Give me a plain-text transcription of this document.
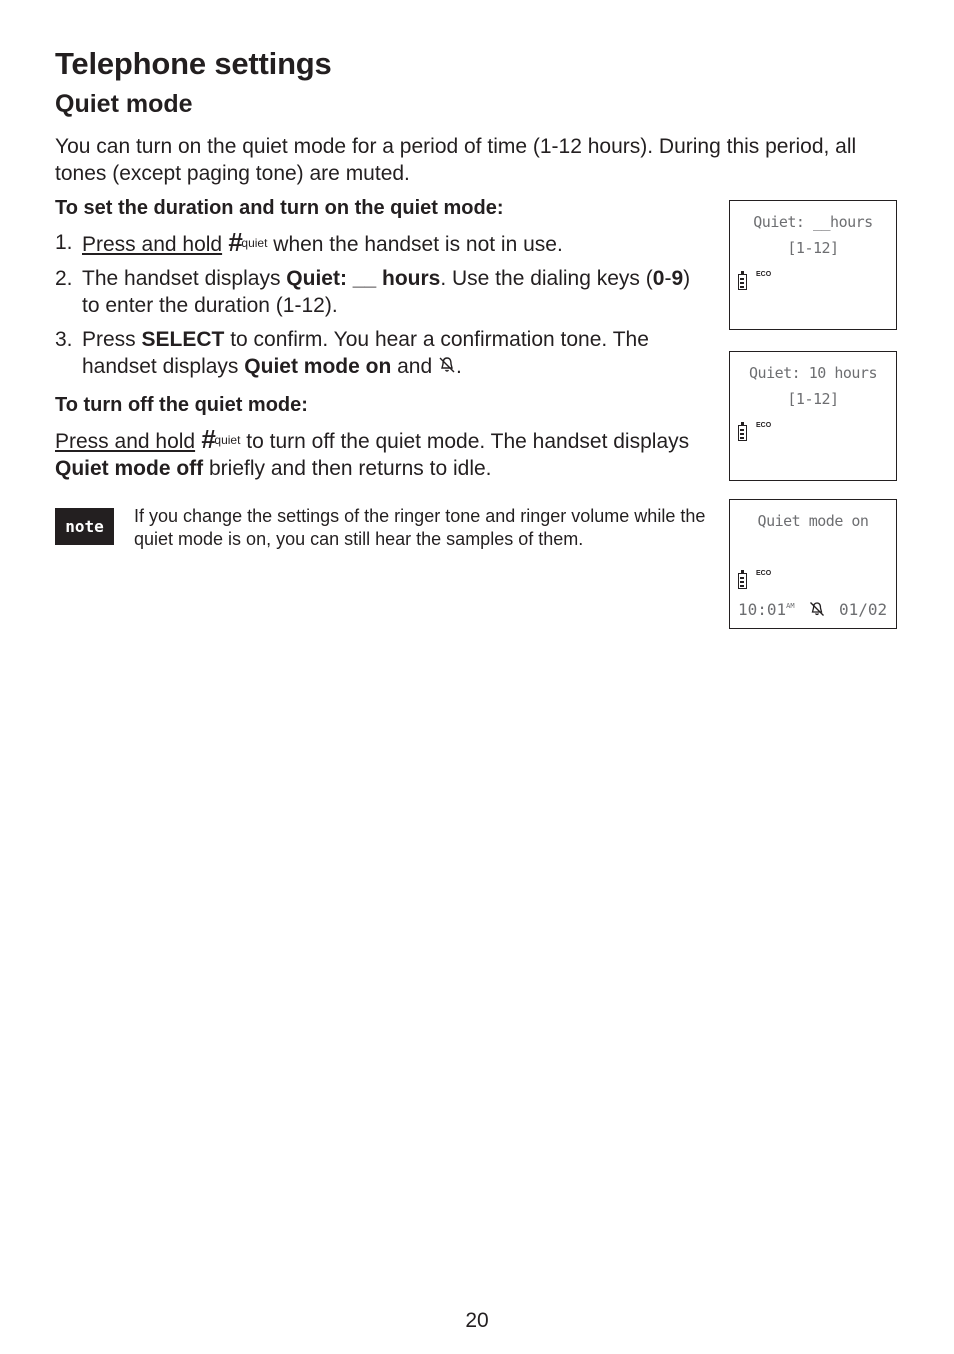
Telephone settings
Quiet mode

You can turn on the quiet mode for a period of time (1-12 hours). During this period, all tones (except paging tone) are muted.

To set the duration and turn on the quiet mode:

1. Press and hold #quiet when the handset is not in use.
2. The handset displays Quiet: __ hours. Use the dialing keys (0-9) to enter the duration (1-12).
3. Press SELECT to confirm. You hear a confirmation tone. The handset displays Quiet mode on and .

To turn off the quiet mode:

Press and hold #quiet to turn off the quiet mode. The handset displays Quiet mode off briefly and then returns to idle.

note

If you change the settings of the ringer tone and ringer volume while the quiet mode is on, you can still hear the samples of them.

Quiet: __hours
[1-12]
ECO
Quiet: 10 hours
[1-12]
ECO
Quiet mode on
ECO
$10:01^{AM}$	01/02
20
